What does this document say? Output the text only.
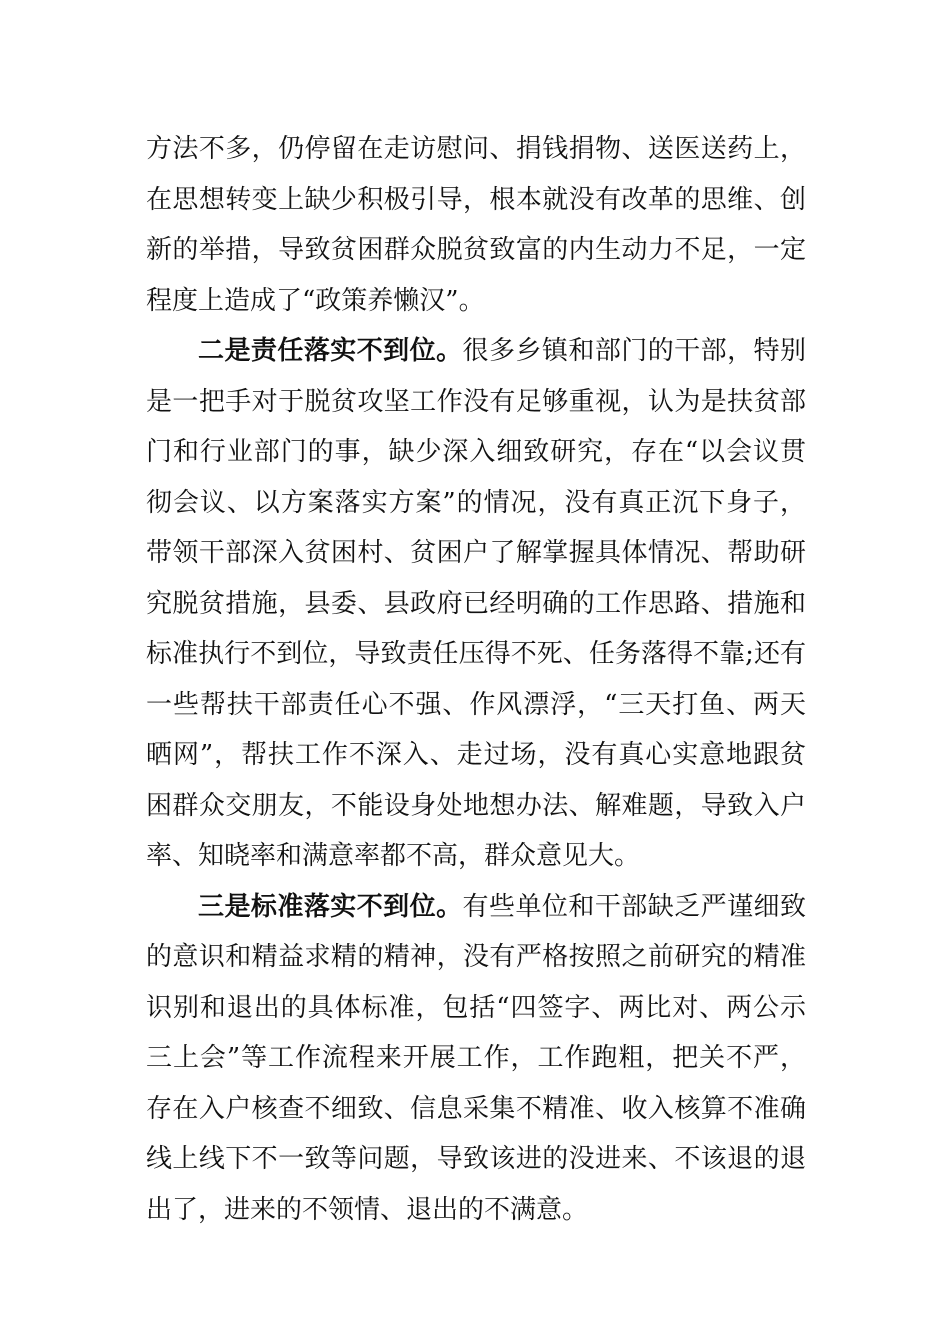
方法不多，仍停留在走访慰问、捐钱捐物、送医送药上，在思想转变上缺少积极引导，根本就没有改革的思维、创新的举措，导致贫困群众脱贫致富的内生动力不足，一定程度上造成了“政策养懒汉”。

二是责任落实不到位。很多乡镇和部门的干部，特别是一把手对于脱贫攻坚工作没有足够重视，认为是扶贫部门和行业部门的事，缺少深入细致研究，存在“以会议贯彻会议、以方案落实方案”的情况，没有真正沉下身子，带领干部深入贫困村、贫困户了解掌握具体情况、帮助研究脱贫措施，县委、县政府已经明确的工作思路、措施和标准执行不到位，导致责任压得不死、任务落得不靠;还有一些帮扶干部责任心不强、作风漂浮，“三天打鱼、两天晒网”，帮扶工作不深入、走过场，没有真心实意地跟贫困群众交朋友，不能设身处地想办法、解难题，导致入户率、知晓率和满意率都不高，群众意见大。

三是标准落实不到位。有些单位和干部缺乏严谨细致的意识和精益求精的精神，没有严格按照之前研究的精准识别和退出的具体标准，包括“四签字、两比对、两公示三上会”等工作流程来开展工作，工作跑粗，把关不严，存在入户核查不细致、信息采集不精准、收入核算不准确线上线下不一致等问题，导致该进的没进来、不该退的退出了，进来的不领情、退出的不满意。
